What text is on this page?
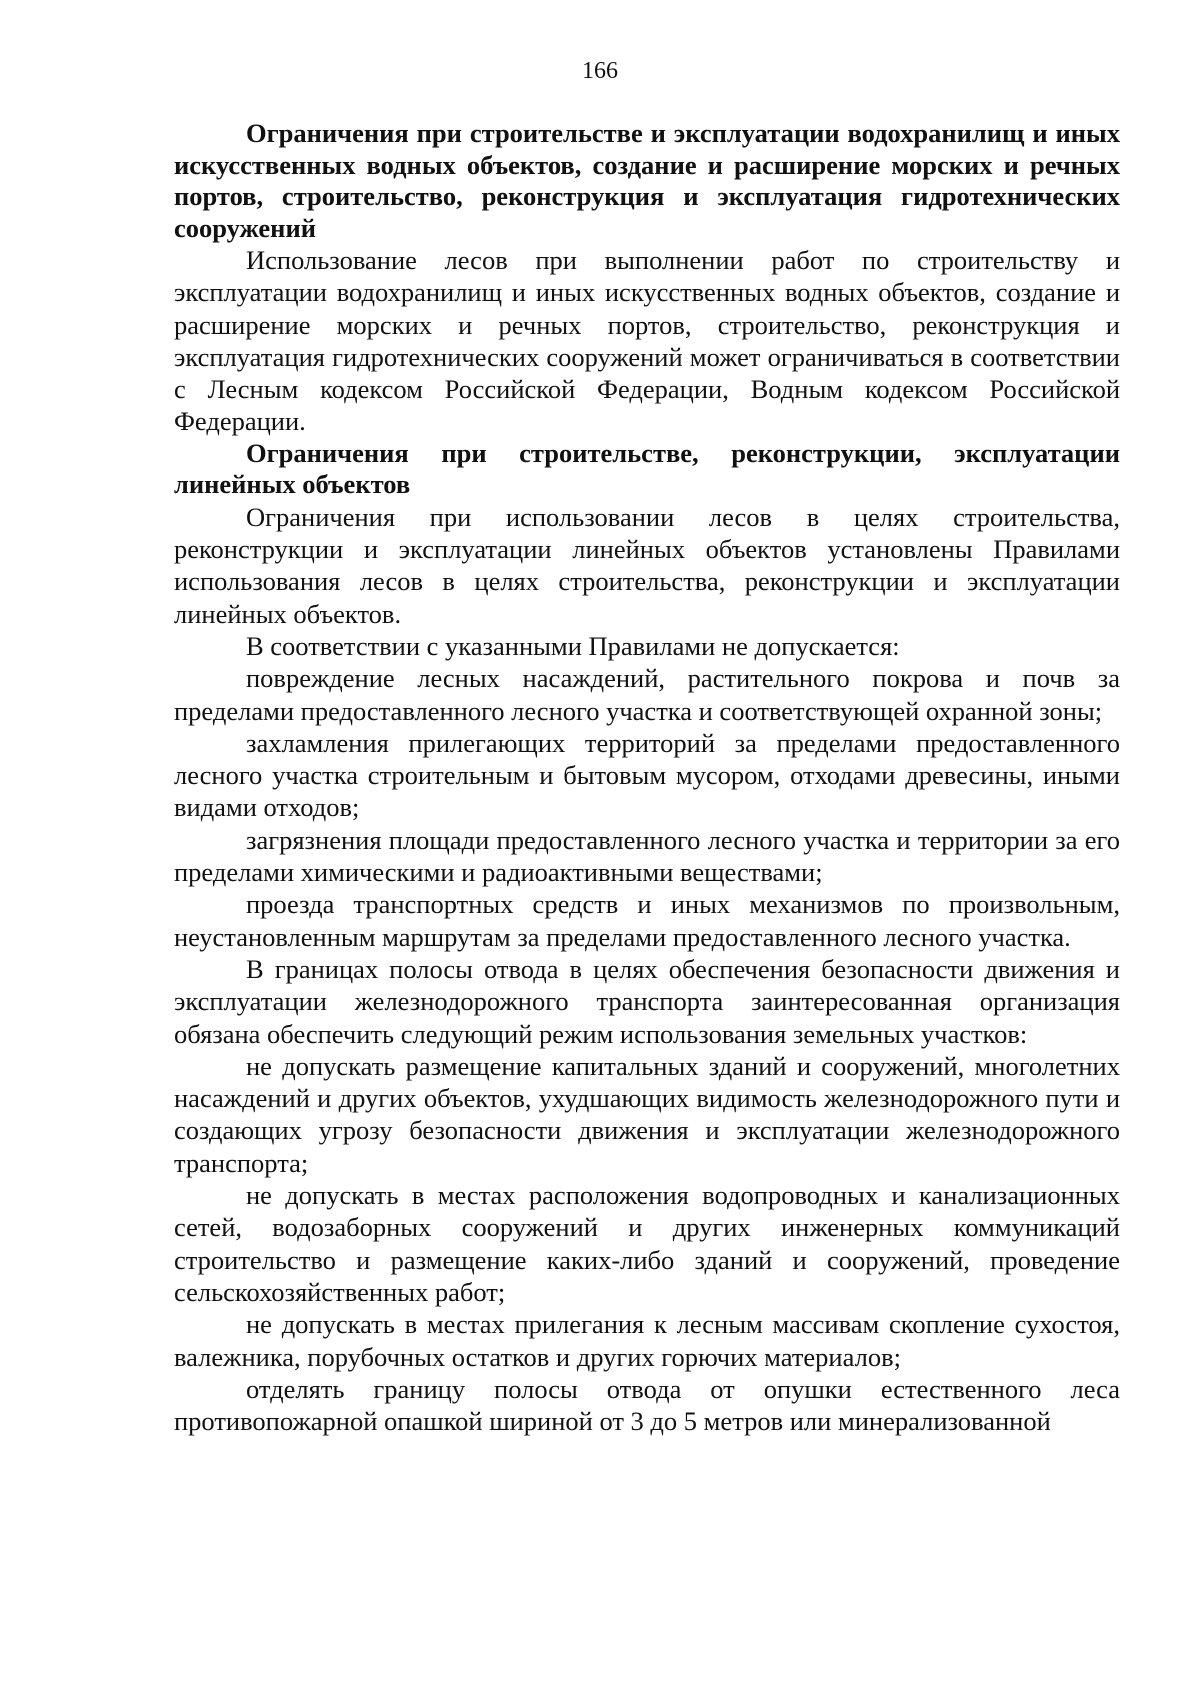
166
Ограничения при строительстве и эксплуатации водохранилищ и иных искусственных водных объектов, создание и расширение морских и речных портов, строительство, реконструкция и эксплуатация гидротехнических сооружений

Использование лесов при выполнении работ по строительству и эксплуатации водохранилищ и иных искусственных водных объектов, создание и расширение морских и речных портов, строительство, реконструкция и эксплуатация гидротехнических сооружений может ограничиваться в соответствии с Лесным кодексом Российской Федерации, Водным кодексом Российской Федерации.

Ограничения при строительстве, реконструкции, эксплуатации линейных объектов

Ограничения при использовании лесов в целях строительства, реконструкции и эксплуатации линейных объектов установлены Правилами использования лесов в целях строительства, реконструкции и эксплуатации линейных объектов.

В соответствии с указанными Правилами не допускается:

повреждение лесных насаждений, растительного покрова и почв за пределами предоставленного лесного участка и соответствующей охранной зоны;

захламления прилегающих территорий за пределами предоставленного лесного участка строительным и бытовым мусором, отходами древесины, иными видами отходов;

загрязнения площади предоставленного лесного участка и территории за его пределами химическими и радиоактивными веществами;

проезда транспортных средств и иных механизмов по произвольным, неустановленным маршрутам за пределами предоставленного лесного участка.

В границах полосы отвода в целях обеспечения безопасности движения и эксплуатации железнодорожного транспорта заинтересованная организация обязана обеспечить следующий режим использования земельных участков:

не допускать размещение капитальных зданий и сооружений, многолетних насаждений и других объектов, ухудшающих видимость железнодорожного пути и создающих угрозу безопасности движения и эксплуатации железнодорожного транспорта;

не допускать в местах расположения водопроводных и канализационных сетей, водозаборных сооружений и других инженерных коммуникаций строительство и размещение каких-либо зданий и сооружений, проведение сельскохозяйственных работ;

не допускать в местах прилегания к лесным массивам скопление сухостоя, валежника, порубочных остатков и других горючих материалов;

отделять границу полосы отвода от опушки естественного леса противопожарной опашкой шириной от 3 до 5 метров или минерализованной
